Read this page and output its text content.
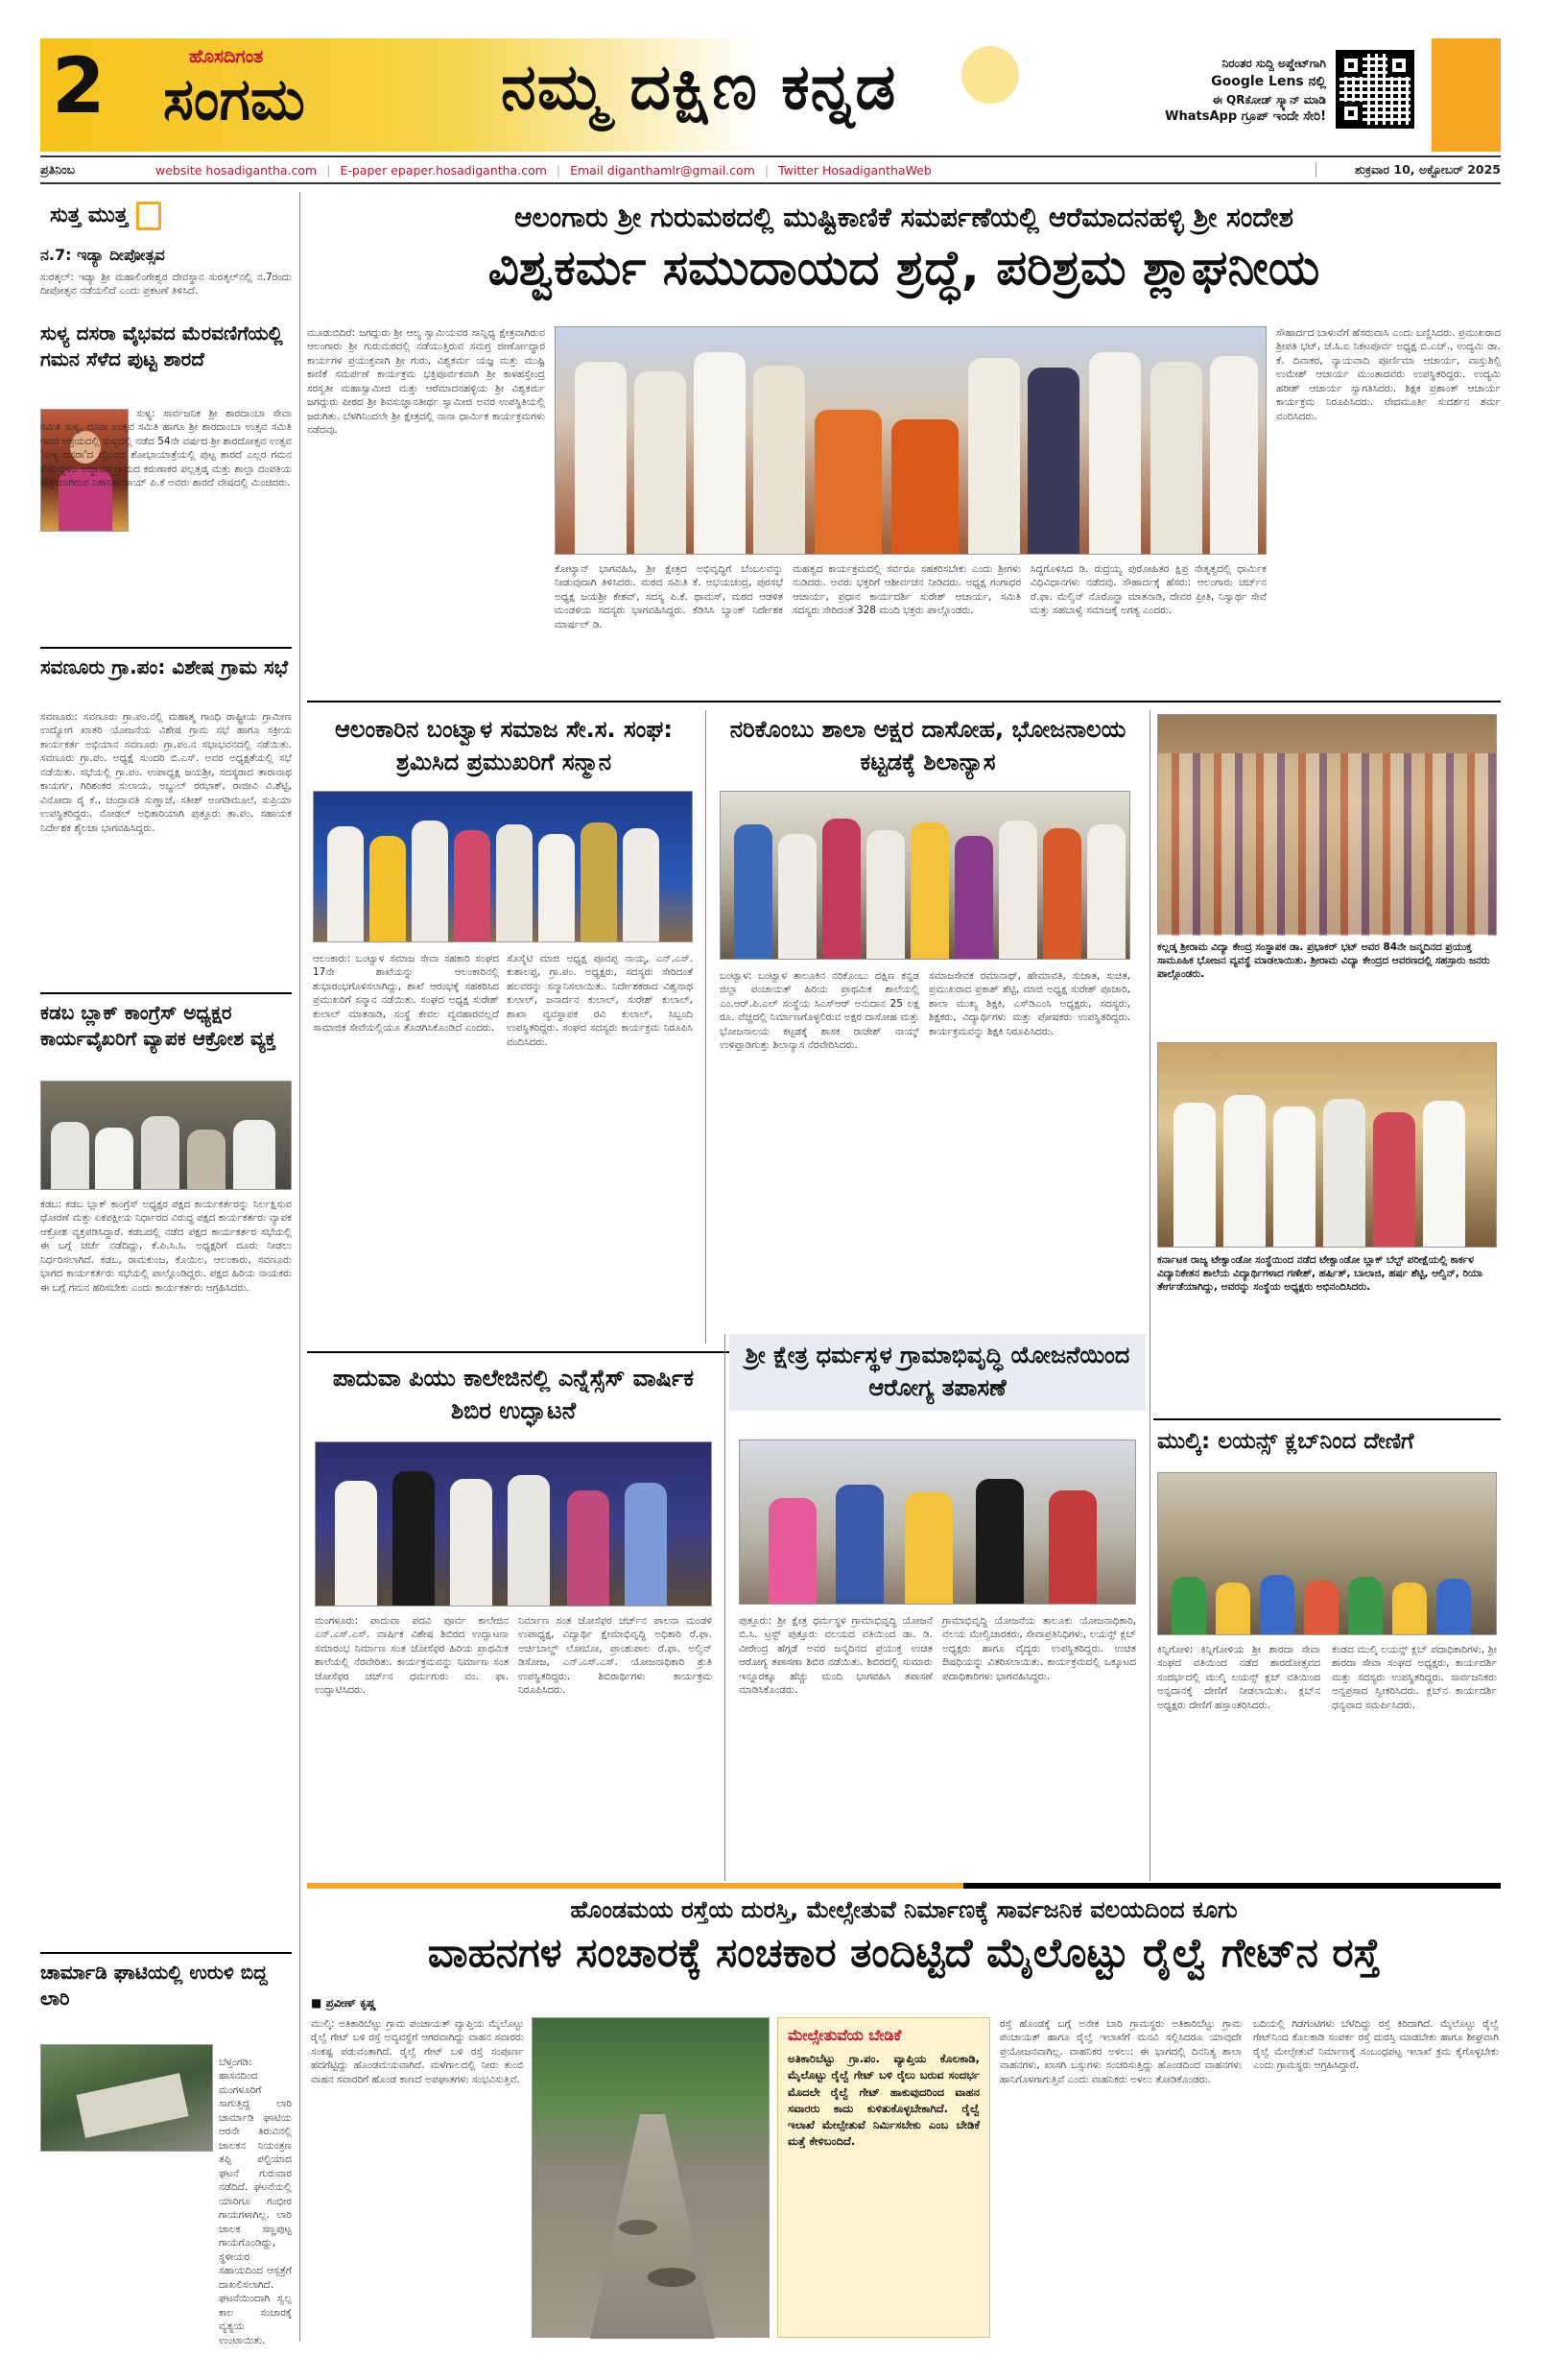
2	ಹೊಸದಿಗಂತ
ಸಂಗಮ	ನಮ್ಮ ದಕ್ಷಿಣ ಕನ್ನಡ	ನಿರಂತರ ಸುದ್ದಿ ಅಪ್ಡೇಟ್‌ಗಾಗಿ
Google Lens ನಲ್ಲಿ
ಈ QRಕೋಡ್ ಸ್ಕ್ಯಾನ್ ಮಾಡಿ
WhatsApp ಗ್ರೂಪ್ ಇಂದೇ ಸೇರಿ!
ಪ್ರತಿನಿಂಬ	website hosadigantha.com | E-paper epaper.hosadigantha.com | Email diganthamlr@gmail.com | Twitter HosadiganthaWeb	ಶುಕ್ರವಾರ 10, ಅಕ್ಟೋಬರ್ 2025
ಸುತ್ತ ಮುತ್ತ
ನ.7: ಇಡ್ಯಾ ದೀಪೋತ್ಸವ
ಸುರತ್ಕಲ್: ಇಡ್ಯಾ ಶ್ರೀ ಮಹಾಲಿಂಗೇಶ್ವರ ದೇವಸ್ಥಾನ ಸುರತ್ಕಲ್‌ನಲ್ಲಿ ನ.7ರಂದು ದೀಪೋತ್ಸವ ನಡೆಯಲಿದೆ ಎಂದು ಪ್ರಕಟಣೆ ತಿಳಿಸಿದೆ.
ಸುಳ್ಯ ದಸರಾ ವೈಭವದ ಮೆರವಣಿಗೆಯಲ್ಲಿ ಗಮನ ಸೆಳೆದ ಪುಟ್ಟ ಶಾರದೆ
ಸುಳ್ಯ: ಸಾರ್ವಜನಿಕ ಶ್ರೀ ಶಾರದಾಂಬಾ ಸೇವಾ ಸಮಿತಿ ಸುಳ್ಯ, ದಸರಾ ಉತ್ಸವ ಸಮಿತಿ ಹಾಗೂ ಶ್ರೀ ಶಾರದಾಂಬಾ ಉತ್ಸವ ಸಮಿತಿ ಇದರ ಆಶ್ರಯದಲ್ಲಿ ಸುಳ್ಯದಲ್ಲಿ ನಡೆದ 54ನೇ ವರ್ಷದ ಶ್ರೀ ಶಾರದೋತ್ಸವ ಉತ್ಸವ 'ಸುಳ್ಯ ದಸರಾ'ದ ವೈಭವದ ಶೋಭಾಯಾತ್ರೆಯಲ್ಲಿ ಪುಟ್ಟ ಶಾರದೆ ಎಲ್ಲರ ಗಮನ ಸೆಳೆದಿದ್ದಳು. ಅಜ್ಜಾವರ ಗ್ರಾಮದ ಕರುಣಾಕರ ಪಲ್ಲತ್ತಡ್ಕ ಮತ್ತು ಶಾಲ್ಪಾ ದಂಪತಿಯ ಪುತ್ರಿಯಾಗಿರುವ ನಿಶಾನಿಕಾ ರಾಯ್ ಪಿ.ಕೆ ಅವರು ಶಾರದೆ ವೇಷದಲ್ಲಿ ಮಿಂಚಿದರು.
ಸವಣೂರು ಗ್ರಾ.ಪಂ: ವಿಶೇಷ ಗ್ರಾಮ ಸಭೆ
ಸವಣೂರು: ಸವಣೂರು ಗ್ರಾ.ಪಂ.ನಲ್ಲಿ ಮಹಾತ್ಮ ಗಾಂಧಿ ರಾಷ್ಟ್ರೀಯ ಗ್ರಾಮೀಣ ಉದ್ಯೋಗ ಖಾತರಿ ಯೋಜನೆಯ ವಿಶೇಷ ಗ್ರಾಮ ಸಭೆ ಹಾಗೂ ಸಕ್ರೀಯ ಕಾರ್ಯಕರ್ತ ಅಭಿಯಾನ ಸವಣೂರು ಗ್ರಾ.ಪಂ.ನ ಸಭಾಭವನದಲ್ಲಿ ನಡೆಯಿತು. ಸವಣೂರು ಗ್ರಾ.ಪಂ. ಅಧ್ಯಕ್ಷೆ ಸುಂದರಿ ಬಿ.ಎಸ್. ಅವರ ಅಧ್ಯಕ್ಷತೆಯಲ್ಲಿ ಸಭೆ ನಡೆಯಿತು. ಸಭೆಯಲ್ಲಿ ಗ್ರಾ.ಪಂ. ಉಪಾಧ್ಯಕ್ಷ ಜಯಶ್ರೀ, ಸದಸ್ಯರಾದ ತಾರಾನಾಥ ಕಾಯರ್ಗ, ಗಿರಿಶಂಕರ ಸುಲಾಯ, ಅಬ್ದುಲ್ ರಝಾಕ್, ರಾಜೀವಿ ವಿ.ಶೆಟ್ಟಿ, ವಿನೋದಾ ರೈ ಕೆ., ಚಂದ್ರಾವತಿ ಸುಣ್ಣಾಜೆ, ಸತೀಶ್ ಅಂಗಡಿಮೂಲೆ, ಸುಪ್ರಿಯಾ ಉಪಸ್ಥಿತರಿದ್ದರು. ನೋಡಲ್ ಅಧಿಕಾರಿಯಾಗಿ ಪುತ್ತೂರು ತಾ.ಪಂ. ಸಹಾಯಕ ನಿರ್ದೇಶಕ ಶೈಲಜಾ ಭಾಗವಹಿಸಿದ್ದರು.
ಕಡಬ ಬ್ಲಾಕ್ ಕಾಂಗ್ರೆಸ್ ಅಧ್ಯಕ್ಷರ ಕಾರ್ಯವೈಖರಿಗೆ ವ್ಯಾಪಕ ಆಕ್ರೋಶ ವ್ಯಕ್ತ
ಕಡಬ: ಕಡಬ ಬ್ಲಾಕ್ ಕಾಂಗ್ರೆಸ್ ಅಧ್ಯಕ್ಷರ ಪಕ್ಷದ ಕಾರ್ಯಕರ್ತರನ್ನು ನಿರ್ಲಕ್ಷಿಸುವ ಧೋರಣೆ ಮತ್ತು ಏಕಪಕ್ಷೀಯ ನಿರ್ಧಾರದ ವಿರುದ್ಧ ಪಕ್ಷದ ಕಾರ್ಯಕರ್ತರು ವ್ಯಾಪಕ ಆಕ್ರೋಶ ವ್ಯಕ್ತಪಡಿಸಿದ್ದಾರೆ. ಕಡಬದಲ್ಲಿ ನಡೆದ ಪಕ್ಷದ ಕಾರ್ಯಕರ್ತರ ಸಭೆಯಲ್ಲಿ ಈ ಬಗ್ಗೆ ಚರ್ಚೆ ನಡೆದಿದ್ದು, ಕೆ.ಪಿ.ಸಿ.ಸಿ. ಅಧ್ಯಕ್ಷರಿಗೆ ದೂರು ನೀಡಲು ನಿರ್ಧರಿಸಲಾಗಿದೆ. ಕಡಬ, ರಾಮಕುಂಜ, ಕೊಯಿಲ, ಆಲಂಕಾರು, ಸವಣೂರು ಭಾಗದ ಕಾರ್ಯಕರ್ತರು ಸಭೆಯಲ್ಲಿ ಪಾಲ್ಗೊಂಡಿದ್ದರು. ಪಕ್ಷದ ಹಿರಿಯ ನಾಯಕರು ಈ ಬಗ್ಗೆ ಗಮನ ಹರಿಸಬೇಕು ಎಂದು ಕಾರ್ಯಕರ್ತರು ಆಗ್ರಹಿಸಿದರು.
ಚಾರ್ಮಾಡಿ ಘಾಟಿಯಲ್ಲಿ ಉರುಳಿ ಬಿದ್ದ ಲಾರಿ
ಬೆಳ್ತಂಗಡಿ: ಹಾಸನದಿಂದ ಮಂಗಳೂರಿಗೆ ಸಾಗುತ್ತಿದ್ದ ಲಾರಿ ಚಾರ್ಮಾಡಿ ಘಾಟಿಯ ಆರನೇ ತಿರುವಿನಲ್ಲಿ ಚಾಲಕನ ನಿಯಂತ್ರಣ ತಪ್ಪಿ ಪಲ್ಟಿಯಾದ ಘಟನೆ ಗುರುವಾರ ನಡೆದಿದೆ. ಘಟನೆಯಲ್ಲಿ ಯಾರಿಗೂ ಗಂಭೀರ ಗಾಯಗಳಾಗಿಲ್ಲ. ಲಾರಿ ಚಾಲಕ ಸಣ್ಣಪುಟ್ಟ ಗಾಯಗೊಂಡಿದ್ದು, ಸ್ಥಳೀಯರ ಸಹಾಯದಿಂದ ಆಸ್ಪತ್ರೆಗೆ ದಾಖಲಿಸಲಾಗಿದೆ. ಘಟನೆಯಿಂದಾಗಿ ಸ್ವಲ್ಪ ಕಾಲ ಸಂಚಾರಕ್ಕೆ ವ್ಯತ್ಯಯ ಉಂಟಾಯಿತು.
ಆಲಂಗಾರು ಶ್ರೀ ಗುರುಮಠದಲ್ಲಿ ಮುಷ್ಟಿಕಾಣಿಕೆ ಸಮರ್ಪಣೆಯಲ್ಲಿ ಆರೆಮಾದನಹಳ್ಳಿ ಶ್ರೀ ಸಂದೇಶ
ವಿಶ್ವಕರ್ಮ ಸಮುದಾಯದ ಶ್ರದ್ಧೆ, ಪರಿಶ್ರಮ ಶ್ಲಾಘನೀಯ
ಮೂಡುಬಿದಿರೆ: ಜಗದ್ಗುರು ಶ್ರೀ ಆಲ್ಯ ಸ್ವಾಮಿಯವರ ಸಾನ್ನಿಧ್ಯ ಕ್ಷೇತ್ರವಾಗಿರುವ ಆಲಂಗಾರು ಶ್ರೀ ಗುರುಮಠದಲ್ಲಿ ನಡೆಯುತ್ತಿರುವ ಸಮಗ್ರ ಜೀರ್ಣೋದ್ಧಾರ ಕಾರ್ಯಗಳ ಪ್ರಯುಕ್ತವಾಗಿ ಶ್ರೀ ಗುರು, ವಿಶ್ವಕರ್ಮ ಯಜ್ಞ ಮತ್ತು ಮುಷ್ಟಿ ಕಾಣಿಕೆ ಸಮರ್ಪಣೆ ಕಾರ್ಯಕ್ರಮ ಭಕ್ತಿಪೂರ್ವಕವಾಗಿ ಶ್ರೀ ಕಾಳಹಸ್ತೇಂದ್ರ ಸರಸ್ವತೀ ಮಹಾಸ್ವಾಮೀಜಿ ಮತ್ತು ಆರೆಮಾದನಹಳ್ಳಿಯ ಶ್ರೀ ವಿಶ್ವಕರ್ಮ ಜಗದ್ಗುರು ಪೀಠದ ಶ್ರೀ ಶಿವಸುಜ್ಞಾನತೀರ್ಥ ಸ್ವಾಮೀಜಿ ಅವರ ಉಪಸ್ಥಿತಿಯಲ್ಲಿ ಜರುಗಿತು. ಬೆಳಗಿನಿಂದಲೇ ಶ್ರೀ ಕ್ಷೇತ್ರದಲ್ಲಿ ನಾನಾ ಧಾರ್ಮಿಕ ಕಾರ್ಯಕ್ರಮಗಳು ನಡೆದವು.
ಕೋಟ್ಯಾನ್ ಭಾಗವಹಿಸಿ, ಶ್ರೀ ಕ್ಷೇತ್ರದ ಅಭಿವೃದ್ಧಿಗೆ ಬೆಂಬಲವನ್ನು ನೀಡುವುದಾಗಿ ತಿಳಿಸಿದರು. ಮಠದ ಸಮಿತಿ ಕೆ. ಅಭಯಚಂದ್ರ, ಪುರಸಭೆ ಅಧ್ಯಕ್ಷ ಜಯಶ್ರೀ ಕೇಶವ್, ಸದಸ್ಯ ಪಿ.ಕೆ. ಥಾಮಸ್, ಮಠದ ಆಡಳಿತ ಮಂಡಳಿಯ ಸದಸ್ಯರು ಭಾಗವಹಿಸಿದ್ದರು. ಕೆಡಿಸಿಸಿ ಬ್ಯಾಂಕ್ ನಿರ್ದೇಶಕ ಮಾರ್ಷಲ್ ಡಿ.
ಮಹತ್ವದ ಕಾರ್ಯಕ್ರಮದಲ್ಲಿ ಸರ್ವರೂ ಸಹಕರಿಸಬೇಕು ಎಂದು ಶ್ರೀಗಳು ನುಡಿದರು. ಅವರು ಭಕ್ತರಿಗೆ ಆಶೀರ್ವಚನ ನೀಡಿದರು. ಅಧ್ಯಕ್ಷ ಗಂಗಾಧರ ಆಚಾರ್ಯ, ಪ್ರಧಾನ ಕಾರ್ಯದರ್ಶಿ ಸುರೇಶ್ ಆಚಾರ್ಯ, ಸಮಿತಿ ಸದಸ್ಯರು ಸೇರಿದಂತೆ 328 ಮಂದಿ ಭಕ್ತರು ಪಾಲ್ಗೊಂಡರು.
ಸಿದ್ಧಗೊಳಿಸಿದ ಡಿ. ರುದ್ರಯ್ಯ ಪುರೋಹಿತರ ಕ್ಷಿಪ್ರ ನೇತೃತ್ವದಲ್ಲಿ ಧಾರ್ಮಿಕ ವಿಧಿವಿಧಾನಗಳು ನಡೆದವು. ಸೌಹಾರ್ದಕ್ಕೆ ಹೆಸರು: ಆಲಂಗಾರು ಚರ್ಚ್‌ನ ರೆ.ಫಾ. ಮೆಲ್ವಿನ್ ನೊರೊನ್ಹಾ ಮಾತನಾಡಿ, ದೇವರ ಪ್ರೀತಿ, ನಿಸ್ವಾರ್ಥ ಸೇವೆ ಮತ್ತು ಸಹಬಾಳ್ವೆ ಸಮಾಜಕ್ಕೆ ಅಗತ್ಯ ಎಂದರು.
ಸೌಹಾರ್ದದ ಬಾಳುವೆಗೆ ಹೆಸರುವಾಸಿ ಎಂದು ಬಣ್ಣಿಸಿದರು. ಪ್ರಮುಖರಾದ ಶ್ರೀಪತಿ ಭಟ್, ಜೆ.ಸಿ.ಐ ನಿಕಟಪೂರ್ವ ಅಧ್ಯಕ್ಷ ಬಿ.ಎಚ್., ಉದ್ಯಮಿ ಡಾ. ಕೆ. ದಿವಾಕರ, ನ್ಯಾಯವಾದಿ ಪೂರ್ಣಿಮಾ ಆಚಾರ್ಯ, ವಾಸ್ತುಶಿಲ್ಪಿ ಉಮೇಶ್ ಆಚಾರ್ಯ ಮುಂತಾದವರು ಉಪಸ್ಥಿತರಿದ್ದರು. ಉದ್ಯಮಿ ಹರೀಶ್ ಆಚಾರ್ಯ ಸ್ವಾಗತಿಸಿದರು. ಶಿಕ್ಷಕ ಪ್ರಶಾಂತ್ ಆಚಾರ್ಯ ಕಾರ್ಯಕ್ರಮ ನಿರೂಪಿಸಿದರು. ವೇದಮೂರ್ತಿ ಸುದರ್ಶನ ಶರ್ಮ ವಂದಿಸಿದರು.
ಆಲಂಕಾರಿನ ಬಂಟ್ವಾಳ ಸಮಾಜ ಸೇ.ಸ. ಸಂಘ: ಶ್ರಮಿಸಿದ ಪ್ರಮುಖರಿಗೆ ಸನ್ಮಾನ
ಆಲಂಕಾರು: ಬಂಟ್ವಾಳ ಸಮಾಜ ಸೇವಾ ಸಹಕಾರಿ ಸಂಘದ 17ನೇ ಶಾಖೆಯನ್ನು ಆಲಂಕಾರಿನಲ್ಲಿ ಶುಭಾರಂಭಗೊಳಿಸಲಾಗಿದ್ದು, ಶಾಖೆ ಆರಂಭಕ್ಕೆ ಸಹಕರಿಸಿದ ಪ್ರಮುಖರಿಗೆ ಸನ್ಮಾನ ನಡೆಯಿತು. ಸಂಘದ ಅಧ್ಯಕ್ಷ ಸುರೇಶ್ ಕುಲಾಲ್ ಮಾತನಾಡಿ, ಸಂಸ್ಥೆ ಕೇವಲ ವ್ಯವಹಾರವಲ್ಲದೆ ಸಾಮಾಜಿಕ ಸೇವೆಯಲ್ಲಿಯೂ ತೊಡಗಿಸಿಕೊಂಡಿದೆ ಎಂದರು.
ಸೊಸೈಟಿ ಮಾಜಿ ಅಧ್ಯಕ್ಷ ಪೂವಪ್ಪ ನಾಯ್ಕ, ಎನ್.ಎಸ್. ಕುಶಾಲಪ್ಪ, ಗ್ರಾ.ಪಂ. ಅಧ್ಯಕ್ಷರು, ಸದಸ್ಯರು ಸೇರಿದಂತೆ ಹಲವರನ್ನು ಸನ್ಮಾನಿಸಲಾಯಿತು. ನಿರ್ದೇಶಕರಾದ ವಿಶ್ವನಾಥ ಕುಲಾಲ್, ಜನಾರ್ದನ ಕುಲಾಲ್, ಸುರೇಶ್ ಕುಲಾಲ್, ಶಾಖಾ ವ್ಯವಸ್ಥಾಪಕ ರವಿ ಕುಲಾಲ್, ಸಿಬ್ಬಂದಿ ಉಪಸ್ಥಿತರಿದ್ದರು. ಸಂಘದ ಸದಸ್ಯರು ಕಾರ್ಯಕ್ರಮ ನಿರೂಪಿಸಿ ವಂದಿಸಿದರು.
ನರಿಕೊಂಬು ಶಾಲಾ ಅಕ್ಷರ ದಾಸೋಹ, ಭೋಜನಾಲಯ ಕಟ್ಟಡಕ್ಕೆ ಶಿಲಾನ್ಯಾಸ
ಬಂಟ್ವಾಳ: ಬಂಟ್ವಾಳ ತಾಲೂಕಿನ ನರಿಕೊಂಬು ದಕ್ಷಿಣ ಕನ್ನಡ ಜಿಲ್ಲಾ ಪಂಚಾಯತ್ ಹಿರಿಯ ಪ್ರಾಥಮಿಕ ಶಾಲೆಯಲ್ಲಿ ಎಂ.ಆರ್.ಪಿ.ಎಲ್ ಸಂಸ್ಥೆಯ ಸಿಎಸ್‌ಆರ್ ಅನುದಾನ 25 ಲಕ್ಷ ರೂ. ವೆಚ್ಚದಲ್ಲಿ ನಿರ್ಮಾಣಗೊಳ್ಳಲಿರುವ ಅಕ್ಷರ ದಾಸೋಹ ಮತ್ತು ಭೋಜನಾಲಯ ಕಟ್ಟಡಕ್ಕೆ ಶಾಸಕ ರಾಜೇಶ್ ನಾಯ್ಕ್ ಉಳಿಪ್ಪಾಡಿಗುತ್ತು ಶಿಲಾನ್ಯಾಸ ನೆರವೇರಿಸಿದರು.
ಸಮಾಜಸೇವಕ ರಮಾನಾಥ್, ಹೇಮಾವತಿ, ಸುಜಾತ, ಸುಚಿತ, ಪ್ರಮುಖರಾದ ಪ್ರಕಾಶ್ ಶೆಟ್ಟಿ, ಮಾಜಿ ಅಧ್ಯಕ್ಷ ಸುರೇಶ್ ಪೂಜಾರಿ, ಶಾಲಾ ಮುಖ್ಯ ಶಿಕ್ಷಕಿ, ಎಸ್‌ಡಿಎಂಸಿ ಅಧ್ಯಕ್ಷರು, ಸದಸ್ಯರು, ಶಿಕ್ಷಕರು, ವಿದ್ಯಾರ್ಥಿಗಳು ಮತ್ತು ಪೋಷಕರು ಉಪಸ್ಥಿತರಿದ್ದರು. ಕಾರ್ಯಕ್ರಮವನ್ನು ಶಿಕ್ಷಕಿ ನಿರೂಪಿಸಿದರು.
ಕಲ್ಲಡ್ಕ ಶ್ರೀರಾಮ ವಿದ್ಯಾ ಕೇಂದ್ರ ಸಂಸ್ಥಾಪಕ ಡಾ. ಪ್ರಭಾಕರ್ ಭಟ್ ಅವರ 84ನೇ ಜನ್ಮದಿನದ ಪ್ರಯುಕ್ತ ಸಾಮೂಹಿಕ ಭೋಜನ ವ್ಯವಸ್ಥೆ ಮಾಡಲಾಯಿತು. ಶ್ರೀರಾಮ ವಿದ್ಯಾ ಕೇಂದ್ರದ ಆವರಣದಲ್ಲಿ ಸಹಸ್ರಾರು ಜನರು ಪಾಲ್ಗೊಂಡರು.
ಕರ್ನಾಟಕ ರಾಜ್ಯ ಟೇಕ್ವಾಂಡೋ ಸಂಸ್ಥೆಯಿಂದ ನಡೆದ ಟೇಕ್ವಾಂಡೋ ಬ್ಲಾಕ್ ಬೆಲ್ಟ್ ಪರೀಕ್ಷೆಯಲ್ಲಿ ಕಾರ್ಕಳ ವಿದ್ಯಾನಿಕೇತನ ಶಾಲೆಯ ವಿದ್ಯಾರ್ಥಿಗಳಾದ ಗಣೇಶ್, ಹರ್ಷಿತ್, ಬಾಲಾಜಿ, ಹರ್ಷ ಶೆಟ್ಟಿ, ಆಲ್ವಿನ್, ರಿಯಾ ತೇರ್ಗಡೆಯಾಗಿದ್ದು, ಅವರನ್ನು ಸಂಸ್ಥೆಯ ಅಧ್ಯಕ್ಷರು ಅಭಿನಂದಿಸಿದರು.
ಪಾದುವಾ ಪಿಯು ಕಾಲೇಜಿನಲ್ಲಿ ಎನ್ನೆಸ್ಸೆಸ್ ವಾರ್ಷಿಕ ಶಿಬಿರ ಉದ್ಘಾಟನೆ
ಮಂಗಳೂರು: ಪಾದುವಾ ಪದವಿ ಪೂರ್ವ ಕಾಲೇಜಿನ ಎನ್.ಎಸ್.ಎಸ್. ವಾರ್ಷಿಕ ವಿಶೇಷ ಶಿಬಿರದ ಉದ್ಘಾಟನಾ ಸಮಾರಂಭ ನಿರ್ಮಾಣ ಸಂತ ಜೋಸೆಫರ ಹಿರಿಯ ಪ್ರಾಥಮಿಕ ಶಾಲೆಯಲ್ಲಿ ನೆರವೇರಿತು. ಕಾರ್ಯಕ್ರಮವನ್ನು ನಿರ್ಮಾಣ ಸಂತ ಜೋಸೆಫರ ಚರ್ಚ್‌ನ ಧರ್ಮಗುರು ವಂ. ಫಾ. ಉದ್ಘಾಟಿಸಿದರು.
ನಿರ್ಮಾಣ ಸಂತ ಜೋಸೆಫರ ಚರ್ಚ್‌ನ ಪಾಲನಾ ಮಂಡಳಿ ಉಪಾಧ್ಯಕ್ಷ, ವಿದ್ಯಾರ್ಥಿ ಕ್ಷೇಮಾಭಿವೃದ್ಧಿ ಅಧಿಕಾರಿ ರೆ.ಫಾ. ಅರ್ಚಿಬಾಲ್ಡ್ ಲೋಬೋ, ಪ್ರಾಂಶುಪಾಲ ರೆ.ಫಾ. ಅಲ್ವಿನ್ ಡಿಸೋಜ, ಎನ್.ಎಸ್.ಎಸ್. ಯೋಜನಾಧಿಕಾರಿ ಶ್ರುತಿ ಉಪಸ್ಥಿತರಿದ್ದರು. ಶಿಬಿರಾರ್ಥಿಗಳು ಕಾರ್ಯಕ್ರಮ ನಿರೂಪಿಸಿದರು.
ಶ್ರೀ ಕ್ಷೇತ್ರ ಧರ್ಮಸ್ಥಳ ಗ್ರಾಮಾಭಿವೃದ್ಧಿ ಯೋಜನೆಯಿಂದ ಆರೋಗ್ಯ ತಪಾಸಣೆ
ಪುತ್ತೂರು: ಶ್ರೀ ಕ್ಷೇತ್ರ ಧರ್ಮಸ್ಥಳ ಗ್ರಾಮಾಭಿವೃದ್ಧಿ ಯೋಜನೆ ಬಿ.ಸಿ. ಟ್ರಸ್ಟ್ ಪುತ್ತೂರು ವಲಯದ ವತಿಯಿಂದ ಡಾ. ಡಿ. ವೀರೇಂದ್ರ ಹೆಗ್ಗಡೆ ಅವರ ಜನ್ಮದಿನದ ಪ್ರಯುಕ್ತ ಉಚಿತ ಆರೋಗ್ಯ ತಪಾಸಣಾ ಶಿಬಿರ ನಡೆಯಿತು. ಶಿಬಿರದಲ್ಲಿ ಸುಮಾರು ಇನ್ನೂರಕ್ಕೂ ಹೆಚ್ಚು ಮಂದಿ ಭಾಗವಹಿಸಿ ತಪಾಸಣೆ ಮಾಡಿಸಿಕೊಂಡರು.
ಗ್ರಾಮಾಭಿವೃದ್ಧಿ ಯೋಜನೆಯ ತಾಲೂಕು ಯೋಜನಾಧಿಕಾರಿ, ವಲಯ ಮೇಲ್ವಿಚಾರಕರು, ಸೇವಾಪ್ರತಿನಿಧಿಗಳು, ಲಯನ್ಸ್ ಕ್ಲಬ್ ಅಧ್ಯಕ್ಷರು ಹಾಗೂ ವೈದ್ಯರು ಉಪಸ್ಥಿತರಿದ್ದರು. ಉಚಿತ ಔಷಧಿಯನ್ನು ವಿತರಿಸಲಾಯಿತು. ಕಾರ್ಯಕ್ರಮದಲ್ಲಿ ಒಕ್ಕೂಟದ ಪದಾಧಿಕಾರಿಗಳು ಭಾಗವಹಿಸಿದ್ದರು.
ಮುಲ್ಕಿ: ಲಯನ್ಸ್ ಕ್ಲಬ್‌ನಿಂದ ದೇಣಿಗೆ
ಕಿನ್ನಿಗೋಳಿ: ಕಿನ್ನಿಗೋಳಿಯ ಶ್ರೀ ಶಾರದಾ ಸೇವಾ ಸಂಘದ ವತಿಯಿಂದ ನಡೆದ ಶಾರದೋತ್ಸವದ ಸಂದರ್ಭದಲ್ಲಿ ಮುಲ್ಕಿ ಲಯನ್ಸ್ ಕ್ಲಬ್ ವತಿಯಿಂದ ಅನ್ನದಾನಕ್ಕೆ ದೇಣಿಗೆ ನೀಡಲಾಯಿತು. ಕ್ಲಬ್‌ನ ಅಧ್ಯಕ್ಷರು ದೇಣಿಗೆ ಹಸ್ತಾಂತರಿಸಿದರು.
ಕಂಡದ ಮುಲ್ಕಿ ಲಯನ್ಸ್ ಕ್ಲಬ್ ಪದಾಧಿಕಾರಿಗಳು, ಶ್ರೀ ಶಾರದಾ ಸೇವಾ ಸಂಘದ ಅಧ್ಯಕ್ಷರು, ಕಾರ್ಯದರ್ಶಿ ಮತ್ತು ಸದಸ್ಯರು ಉಪಸ್ಥಿತರಿದ್ದರು. ಸಾರ್ವಜನಿಕರು ಅನ್ನಪ್ರಸಾದ ಸ್ವೀಕರಿಸಿದರು. ಕ್ಲಬ್‌ನ ಕಾರ್ಯದರ್ಶಿ ಧನ್ಯವಾದ ಸಮರ್ಪಿಸಿದರು.
ಹೊಂಡಮಯ ರಸ್ತೆಯ ದುರಸ್ತಿ, ಮೇಲ್ಸೇತುವೆ ನಿರ್ಮಾಣಕ್ಕೆ ಸಾರ್ವಜನಿಕ ವಲಯದಿಂದ ಕೂಗು
ವಾಹನಗಳ ಸಂಚಾರಕ್ಕೆ ಸಂಚಕಾರ ತಂದಿಟ್ಟಿದೆ ಮೈಲೊಟ್ಟು ರೈಲ್ವೆ ಗೇಟ್‌ನ ರಸ್ತೆ
■ ಪ್ರವೀಣ್ ಕೃಷ್ಣ
ಮುಲ್ಕಿ: ಅತಿಕಾರಿಬೆಟ್ಟು ಗ್ರಾಮ ಪಂಚಾಯತ್ ವ್ಯಾಪ್ತಿಯ ಮೈಲೊಟ್ಟು ರೈಲ್ವೆ ಗೇಟ್ ಬಳಿ ರಸ್ತೆ ಅವ್ಯವಸ್ಥೆಗೆ ಆಗರವಾಗಿದ್ದು ವಾಹನ ಸವಾರರು ಸಂಕಷ್ಟ ಪಡುವಂತಾಗಿದೆ. ರೈಲ್ವೆ ಗೇಟ್ ಬಳಿ ರಸ್ತೆ ಸಂಪೂರ್ಣ ಹದಗೆಟ್ಟಿದ್ದು ಹೊಂಡಮಯವಾಗಿದೆ. ಮಳೆಗಾಲದಲ್ಲಿ ನೀರು ತುಂಬಿ ವಾಹನ ಸವಾರರಿಗೆ ಹೊಂಡ ಕಾಣದೆ ಅಪಘಾತಗಳು ಸಂಭವಿಸುತ್ತಿವೆ.
ಮೇಲ್ಸೇತುವೆಯ ಬೇಡಿಕೆ
ಅತಿಕಾರಿಬೆಟ್ಟು ಗ್ರಾ.ಪಂ. ವ್ಯಾಪ್ತಿಯ ಕೊಲಕಾಡಿ, ಮೈಲೊಟ್ಟು ರೈಲ್ವೆ ಗೇಟ್ ಬಳಿ ರೈಲು ಬರುವ ಸಂದರ್ಭ ಮೊದಲೇ ರೈಲ್ವೆ ಗೇಟ್ ಹಾಕುವುದರಿಂದ ವಾಹನ ಸವಾರರು ಕಾದು ಕುಳಿತುಕೊಳ್ಳಬೇಕಾಗಿದೆ. ರೈಲ್ವೆ ಇಲಾಖೆ ಮೇಲ್ಸೇತುವೆ ನಿರ್ಮಿಸಬೇಕು ಎಂಬ ಬೇಡಿಕೆ ಮತ್ತೆ ಕೇಳಿಬಂದಿದೆ.
ರಸ್ತೆ ಹೊಂಡಕ್ಕೆ ಬಗ್ಗೆ ಅನೇಕ ಬಾರಿ ಗ್ರಾಮಸ್ಥರು ಅತಿಕಾರಿಬೆಟ್ಟು ಗ್ರಾಮ ಪಂಚಾಯತ್ ಹಾಗೂ ರೈಲ್ವೆ ಇಲಾಖೆಗೆ ಮನವಿ ಸಲ್ಲಿಸಿದರೂ ಯಾವುದೇ ಪ್ರಯೋಜನವಾಗಿಲ್ಲ. ವಾಹನಿಕರ ಅಳಲು: ಈ ಭಾಗದಲ್ಲಿ ದಿನನಿತ್ಯ ಶಾಲಾ ವಾಹನಗಳು, ಖಾಸಗಿ ಬಸ್ಸುಗಳು ಸಂಚರಿಸುತ್ತಿದ್ದು ಹೊಂಡದಿಂದ ವಾಹನಗಳು ಹಾನಿಗೊಳಗಾಗುತ್ತಿವೆ ಎಂದು ವಾಹನಿಕರು ಅಳಲು ತೋಡಿಕೊಂಡರು.
ಬದಿಯಲ್ಲಿ ಗಿಡಗಂಟಿಗಳು ಬೆಳೆದಿದ್ದು ರಸ್ತೆ ಕಿರಿದಾಗಿದೆ. ಮೈಲೊಟ್ಟು ರೈಲ್ವೆ ಗೇಟ್‌ನಿಂದ ಕೊಲಕಾಡಿ ಸಂಪರ್ಕ ರಸ್ತೆ ದುರಸ್ತಿ ಮಾಡಬೇಕು ಹಾಗೂ ಶೀಘ್ರವಾಗಿ ರೈಲ್ವೆ ಮೇಲ್ಸೇತುವೆ ನಿರ್ಮಾಣಕ್ಕೆ ಸಂಬಂಧಪಟ್ಟ ಇಲಾಖೆ ಕ್ರಮ ಕೈಗೊಳ್ಳಬೇಕು ಎಂದು ಗ್ರಾಮಸ್ಥರು ಆಗ್ರಹಿಸಿದ್ದಾರೆ.
